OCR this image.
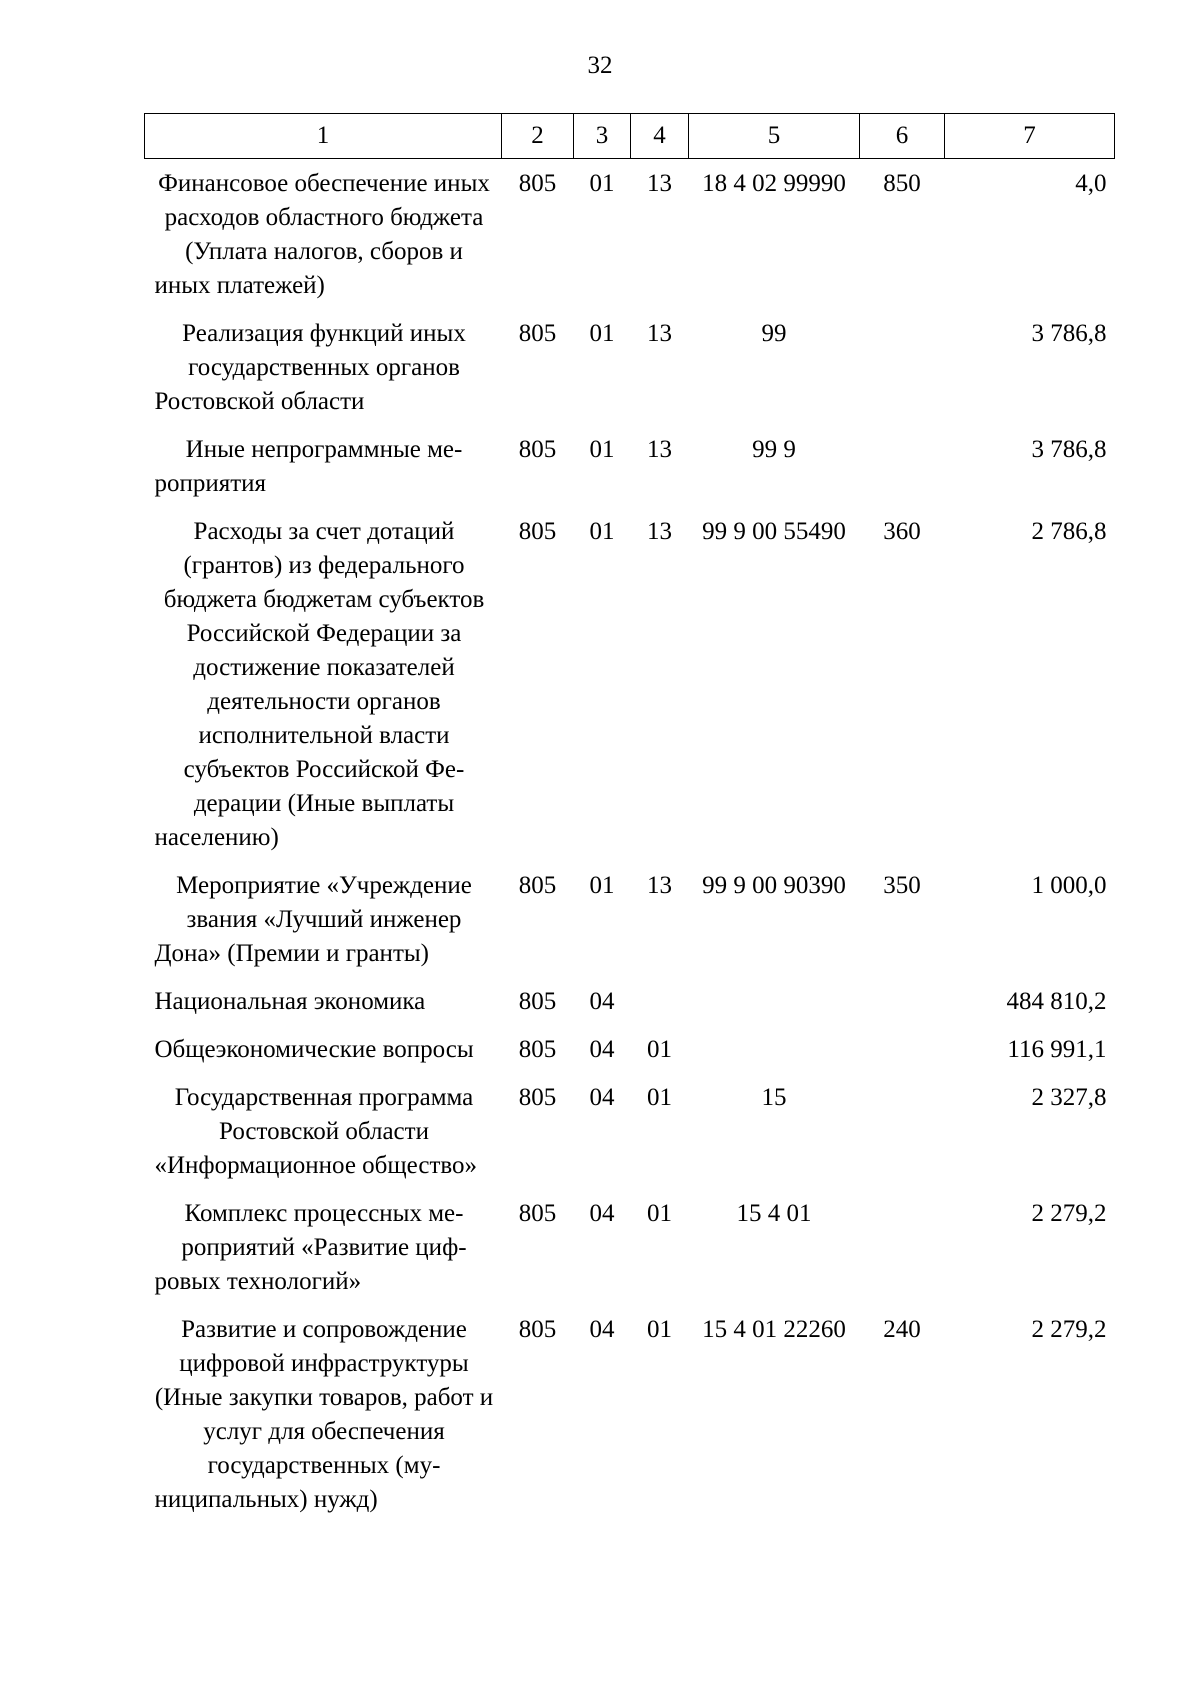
32
1	2	3	4	5	6	7
Финансовое обеспечение иных расходов областного бюджета (Уплата налогов, сборов и иных платежей)	805	01	13	18 4 02 99990	850	4,0
Реализация функций иных государственных органов Ростовской области	805	01	13	99		3 786,8
Иные непрограммные мероприятия	805	01	13	99 9		3 786,8
Расходы за счет дотаций (грантов) из федерального бюджета бюджетам субъектов Российской Федерации за достижение показателей деятельности органов исполнительной власти субъектов Российской Федерации (Иные выплаты населению)	805	01	13	99 9 00 55490	360	2 786,8
Мероприятие «Учреждение звания «Лучший инженер Дона» (Премии и гранты)	805	01	13	99 9 00 90390	350	1 000,0
Национальная экономика	805	04				484 810,2
Общеэкономические вопросы	805	04	01			116 991,1
Государственная программа Ростовской области «Информационное общество»	805	04	01	15		2 327,8
Комплекс процессных мероприятий «Развитие цифровых технологий»	805	04	01	15 4 01		2 279,2
Развитие и сопровождение цифровой инфраструктуры (Иные закупки товаров, работ и услуг для обеспечения государственных (муниципальных) нужд)	805	04	01	15 4 01 22260	240	2 279,2
